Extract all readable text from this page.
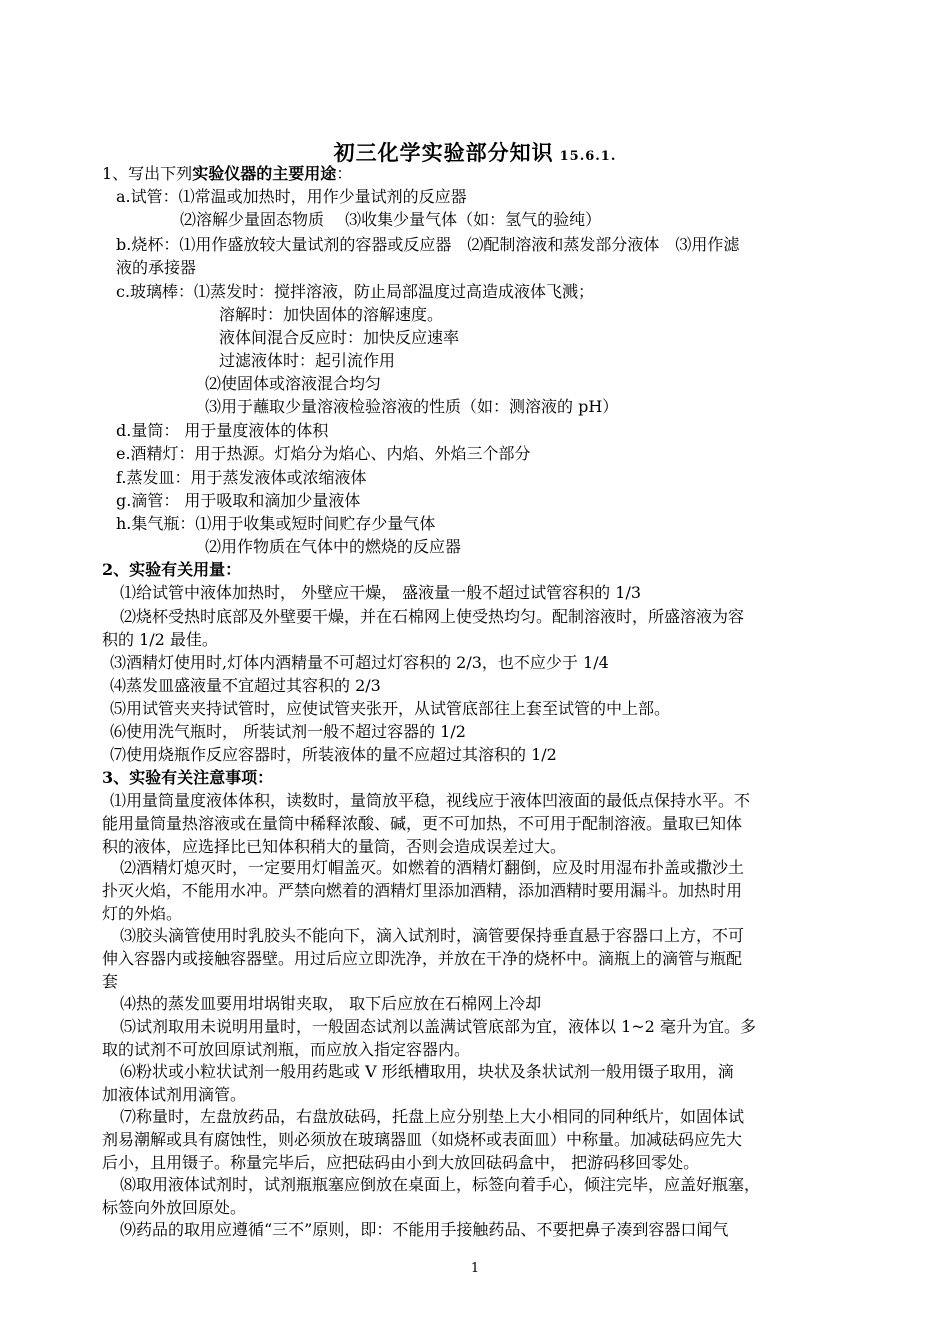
初三化学实验部分知识 15.6.1.
1、写出下列实验仪器的主要用途：
a.试管：⑴常温或加热时，用作少量试剂的反应器
⑵溶解少量固态物质　 ⑶收集少量气体（如：氢气的验纯）
b.烧杯：⑴用作盛放较大量试剂的容器或反应器　⑵配制溶液和蒸发部分液体　⑶用作滤
液的承接器
c.玻璃棒：⑴蒸发时：搅拌溶液，防止局部温度过高造成液体飞溅；
溶解时：加快固体的溶解速度。
液体间混合反应时：加快反应速率
过滤液体时：起引流作用
⑵使固体或溶液混合均匀
⑶用于蘸取少量溶液检验溶液的性质（如：测溶液的 pH）
d.量筒： 用于量度液体的体积
e.酒精灯：用于热源。灯焰分为焰心、内焰、外焰三个部分
f.蒸发皿：用于蒸发液体或浓缩液体
g.滴管： 用于吸取和滴加少量液体
h.集气瓶：⑴用于收集或短时间贮存少量气体
⑵用作物质在气体中的燃烧的反应器
2、实验有关用量：
⑴给试管中液体加热时， 外壁应干燥， 盛液量一般不超过试管容积的 1/3
⑵烧杯受热时底部及外壁要干燥，并在石棉网上使受热均匀。配制溶液时，所盛溶液为容
积的 1/2 最佳。
⑶酒精灯使用时,灯体内酒精量不可超过灯容积的 2/3，也不应少于 1/4
⑷蒸发皿盛液量不宜超过其容积的 2/3
⑸用试管夹夹持试管时，应使试管夹张开，从试管底部往上套至试管的中上部。
⑹使用洗气瓶时， 所装试剂一般不超过容器的 1/2
⑺使用烧瓶作反应容器时，所装液体的量不应超过其溶积的 1/2
3、实验有关注意事项：
⑴用量筒量度液体体积，读数时，量筒放平稳，视线应于液体凹液面的最低点保持水平。不
能用量筒量热溶液或在量筒中稀释浓酸、碱，更不可加热，不可用于配制溶液。量取已知体
积的液体，应选择比已知体积稍大的量筒，否则会造成误差过大。
⑵酒精灯熄灭时，一定要用灯帽盖灭。如燃着的酒精灯翻倒，应及时用湿布扑盖或撒沙土
扑灭火焰，不能用水冲。严禁向燃着的酒精灯里添加酒精，添加酒精时要用漏斗。加热时用
灯的外焰。
⑶胶头滴管使用时乳胶头不能向下，滴入试剂时，滴管要保持垂直悬于容器口上方，不可
伸入容器内或接触容器壁。用过后应立即洗净，并放在干净的烧杯中。滴瓶上的滴管与瓶配
套
⑷热的蒸发皿要用坩埚钳夹取， 取下后应放在石棉网上冷却
⑸试剂取用未说明用量时，一般固态试剂以盖满试管底部为宜，液体以 1~2 毫升为宜。多
取的试剂不可放回原试剂瓶，而应放入指定容器内。
⑹粉状或小粒状试剂一般用药匙或 V 形纸槽取用，块状及条状试剂一般用镊子取用，滴
加液体试剂用滴管。
⑺称量时，左盘放药品，右盘放砝码，托盘上应分别垫上大小相同的同种纸片，如固体试
剂易潮解或具有腐蚀性，则必须放在玻璃器皿（如烧杯或表面皿）中称量。加减砝码应先大
后小，且用镊子。称量完毕后，应把砝码由小到大放回砝码盒中， 把游码移回零处。
⑻取用液体试剂时，试剂瓶瓶塞应倒放在桌面上，标签向着手心，倾注完毕，应盖好瓶塞，
标签向外放回原处。
⑼药品的取用应遵循“三不”原则，即：不能用手接触药品、不要把鼻子凑到容器口闻气
1
